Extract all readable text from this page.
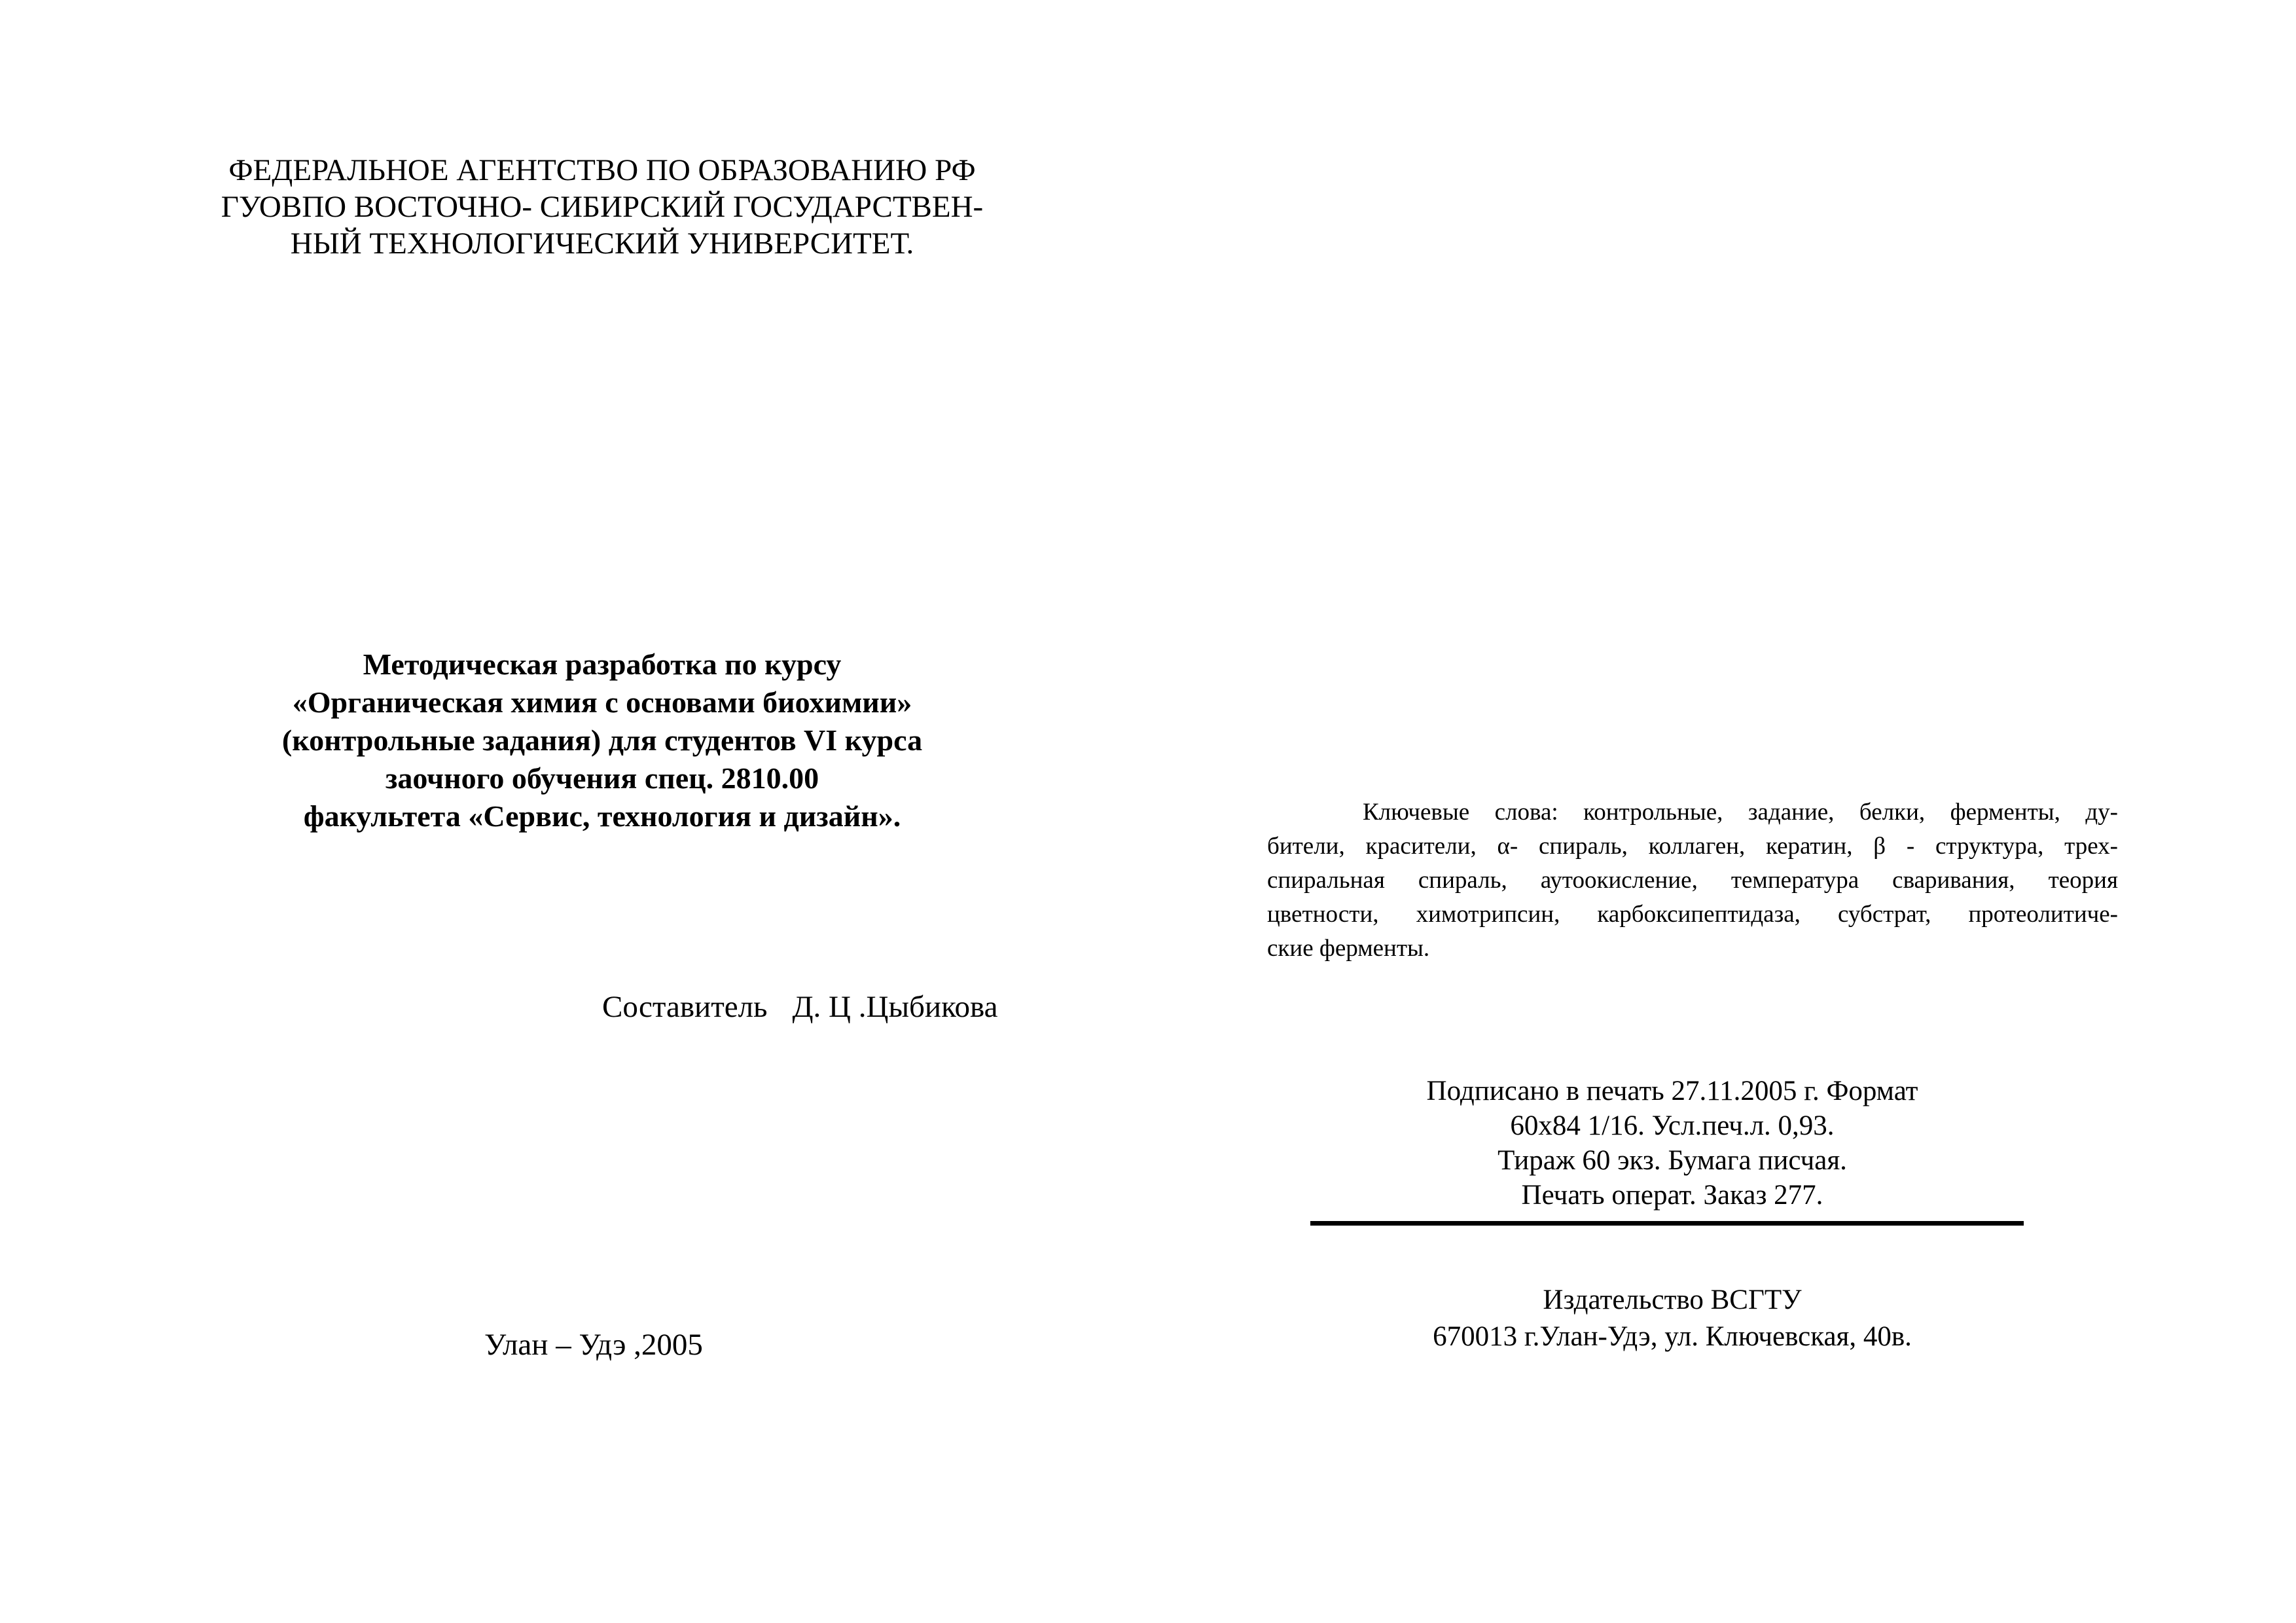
ФЕДЕРАЛЬНОЕ АГЕНТСТВО ПО ОБРАЗОВАНИЮ РФ
ГУОВПО ВОСТОЧНО- СИБИРСКИЙ ГОСУДАРСТВЕН-
НЫЙ ТЕХНОЛОГИЧЕСКИЙ УНИВЕРСИТЕТ.
Методическая разработка по курсу
«Органическая химия с основами биохимии»
(контрольные задания) для студентов VI курса
заочного обучения спец. 2810.00
факультета «Сервис, технология и дизайн».
Составитель Д. Ц .Цыбикова
Улан – Удэ ,2005
Ключевые слова: контрольные, задание, белки, ферменты, ду-
бители, красители, α- спираль, коллаген, кератин, β - структура, трех-
спиральная спираль, аутоокисление, температура сваривания, теория
цветности, химотрипсин, карбоксипептидаза, субстрат, протеолитиче-
ские ферменты.
Подписано в печать 27.11.2005 г. Формат
60х84 1/16. Усл.печ.л. 0,93.
Тираж 60 экз. Бумага писчая.
Печать операт. Заказ 277.
Издательство ВСГТУ
670013 г.Улан-Удэ, ул. Ключевская, 40в.
